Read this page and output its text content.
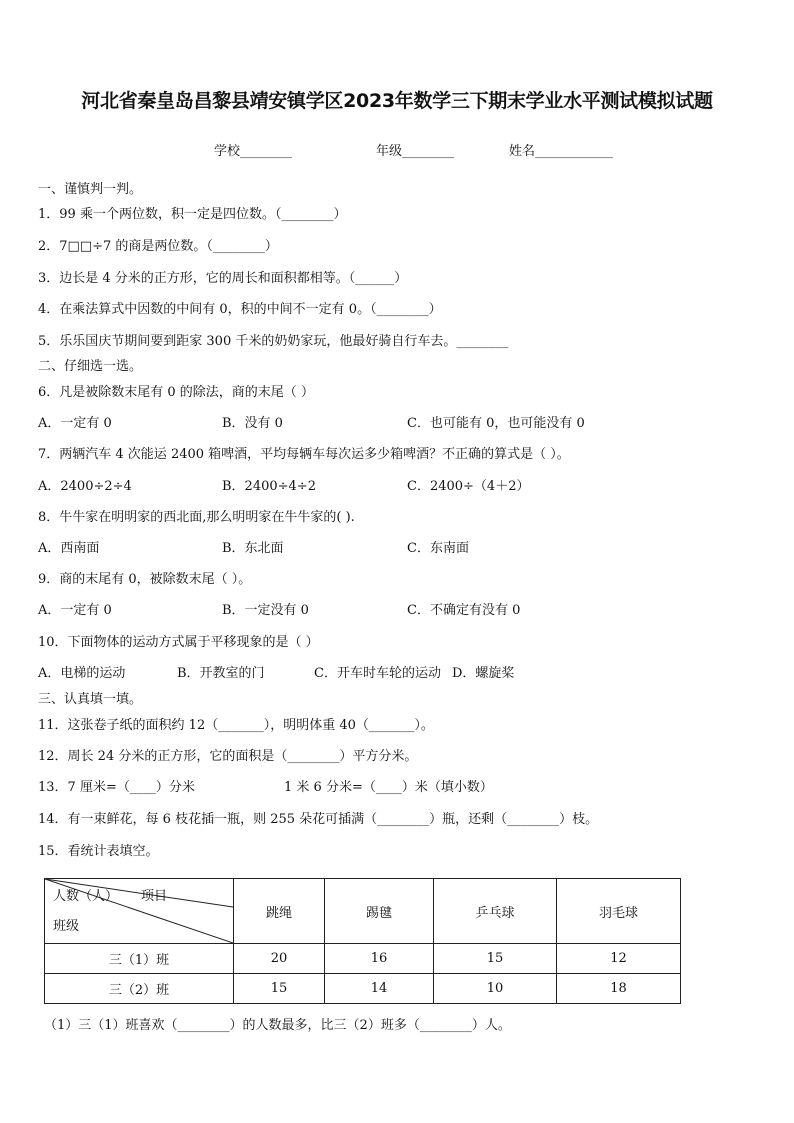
河北省秦皇岛昌黎县靖安镇学区2023年数学三下期末学业水平测试模拟试题
学校________	年级________	姓名____________
一、谨慎判一判。
1．99 乘一个两位数，积一定是四位数。（________）
2．7□□÷7 的商是两位数。（________）
3．边长是 4 分米的正方形，它的周长和面积都相等。（______）
4．在乘法算式中因数的中间有 0，积的中间不一定有 0。（________）
5．乐乐国庆节期间要到距家 300 千米的奶奶家玩，他最好骑自行车去。________
二、仔细选一选。
6．凡是被除数末尾有 0 的除法，商的末尾（ ）
A．一定有 0	B．没有 0	C．也可能有 0，也可能没有 0
7．两辆汽车 4 次能运 2400 箱啤酒，平均每辆车每次运多少箱啤酒？不正确的算式是（ ）。
A．2400÷2÷4	B．2400÷4÷2	C．2400÷（4＋2）
8．牛牛家在明明家的西北面,那么明明家在牛牛家的( ).
A．西南面	B．东北面	C．东南面
9．商的末尾有 0，被除数末尾（ ）。
A．一定有 0	B．一定没有 0	C．不确定有没有 0
10．下面物体的运动方式属于平移现象的是（ ）
A．电梯的运动	B．开教室的门	C．开车时车轮的运动 D．螺旋桨
三、认真填一填。
11．这张卷子纸的面积约 12（_______），明明体重 40（_______）。
12．周长 24 分米的正方形，它的面积是（________）平方分米。
13．7 厘米=（____）分米	1 米 6 分米=（____）米（填小数）
14．有一束鲜花，每 6 枝花插一瓶，则 255 朵花可插满（________）瓶，还剩（________）枝。
15．看统计表填空。
人数（人） 项目
班级	跳绳	踢毽	乒乓球	羽毛球
三（1）班	20	16	15	12
三（2）班	15	14	10	18
（1）三（1）班喜欢（________）的人数最多，比三（2）班多（________）人。
